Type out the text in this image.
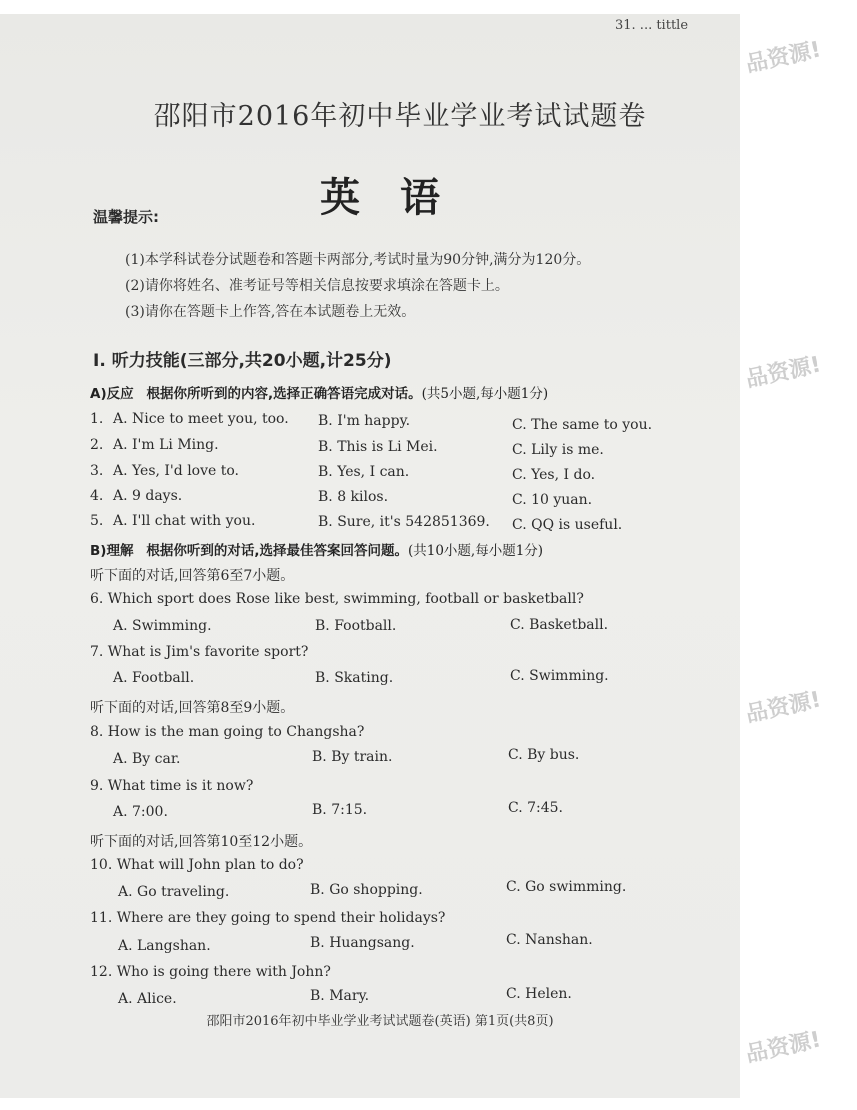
31. ... tittle
邵阳市2016年初中毕业学业考试试题卷
英语
温馨提示:
(1)本学科试卷分试题卷和答题卡两部分,考试时量为90分钟,满分为120分。
(2)请你将姓名、准考证号等相关信息按要求填涂在答题卡上。
(3)请你在答题卡上作答,答在本试题卷上无效。
Ⅰ. 听力技能(三部分,共20小题,计25分)
A)反应 根据你所听到的内容,选择正确答语完成对话。(共5小题,每小题1分)
1. A. Nice to meet you, too. B. I'm happy.	C. The same to you.
2. A. I'm Li Ming.	B. This is Li Mei.	C. Lily is me.
3. A. Yes, I'd love to.	B. Yes, I can.	C. Yes, I do.
4. A. 9 days.	B. 8 kilos.	C. 10 yuan.
5. A. I'll chat with you.	B. Sure, it's 542851369. C. QQ is useful.
B)理解 根据你听到的对话,选择最佳答案回答问题。(共10小题,每小题1分)
听下面的对话,回答第6至7小题。
6. Which sport does Rose like best, swimming, football or basketball?
A. Swimming.	B. Football.	C. Basketball.
7. What is Jim's favorite sport?
A. Football.	B. Skating.	C. Swimming.
听下面的对话,回答第8至9小题。
8. How is the man going to Changsha?
A. By car.	B. By train.	C. By bus.
9. What time is it now?
A. 7:00.	B. 7:15.	C. 7:45.
听下面的对话,回答第10至12小题。
10. What will John plan to do?
A. Go traveling.	B. Go shopping.	C. Go swimming.
11. Where are they going to spend their holidays?
A. Langshan.	B. Huangsang.	C. Nanshan.
12. Who is going there with John?
A. Alice.	B. Mary.	C. Helen.
邵阳市2016年初中毕业学业考试试题卷(英语) 第1页(共8页)
品资源!
品资源!
品资源!
品资源!
